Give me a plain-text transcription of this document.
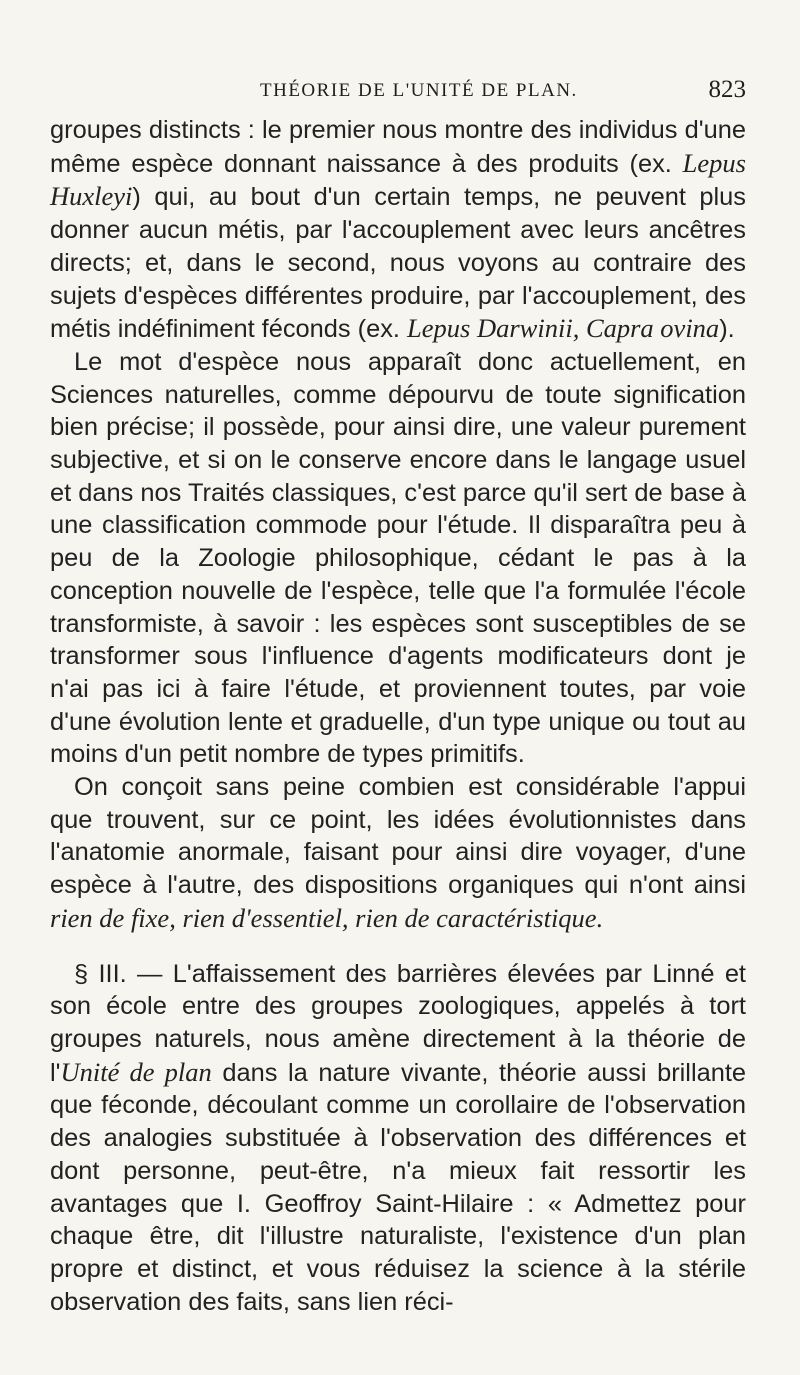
THÉORIE DE L'UNITÉ DE PLAN.	823

groupes distincts : le premier nous montre des individus d'une même espèce donnant naissance à des produits (ex. Lepus Huxleyi) qui, au bout d'un certain temps, ne peuvent plus donner aucun métis, par l'accouplement avec leurs ancêtres directs; et, dans le second, nous voyons au contraire des sujets d'espèces différentes produire, par l'accouplement, des métis indéfiniment féconds (ex. Lepus Darwinii, Capra ovina).

Le mot d'espèce nous apparaît donc actuellement, en Sciences naturelles, comme dépourvu de toute signification bien précise; il possède, pour ainsi dire, une valeur purement subjective, et si on le conserve encore dans le langage usuel et dans nos Traités classiques, c'est parce qu'il sert de base à une classification commode pour l'étude. Il disparaîtra peu à peu de la Zoologie philosophique, cédant le pas à la conception nouvelle de l'espèce, telle que l'a formulée l'école transformiste, à savoir : les espèces sont susceptibles de se transformer sous l'influence d'agents modificateurs dont je n'ai pas ici à faire l'étude, et proviennent toutes, par voie d'une évolution lente et graduelle, d'un type unique ou tout au moins d'un petit nombre de types primitifs.

On conçoit sans peine combien est considérable l'appui que trouvent, sur ce point, les idées évolutionnistes dans l'anatomie anormale, faisant pour ainsi dire voyager, d'une espèce à l'autre, des dispositions organiques qui n'ont ainsi rien de fixe, rien d'essentiel, rien de caractéristique.

§ III. — L'affaissement des barrières élevées par Linné et son école entre des groupes zoologiques, appelés à tort groupes naturels, nous amène directement à la théorie de l'Unité de plan dans la nature vivante, théorie aussi brillante que féconde, découlant comme un corollaire de l'observation des analogies substituée à l'observation des différences et dont personne, peut-être, n'a mieux fait ressortir les avantages que I. Geoffroy Saint-Hilaire : « Admettez pour chaque être, dit l'illustre naturaliste, l'existence d'un plan propre et distinct, et vous réduisez la science à la stérile observation des faits, sans lien réci-
